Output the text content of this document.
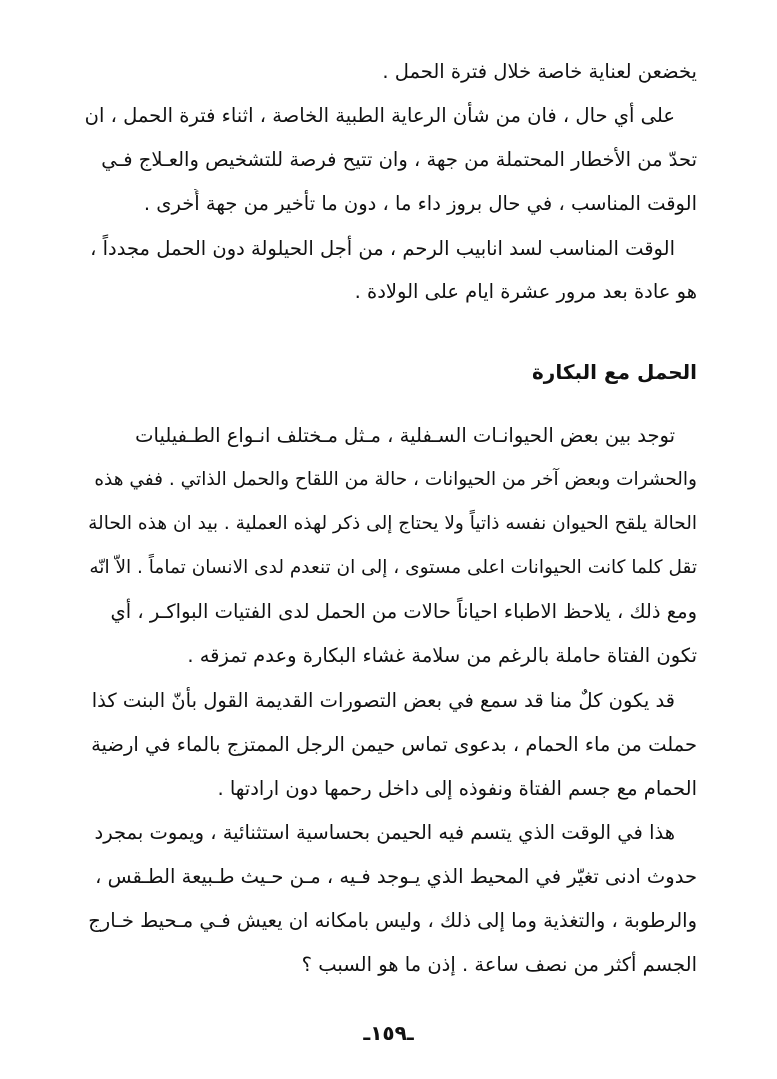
يخضعن لعناية خاصة خلال فترة الحمل .
على أي حال ، فان من شأن الرعاية الطبية الخاصة ، اثناء فترة الحمل ، ان
تحدّ من الأخطار المحتملة من جهة ، وان تتيح فرصة للتشخيص والعـلاج فـي
الوقت المناسب ، في حال بروز داء ما ، دون ما تأخير من جهة أُخرى .
الوقت المناسب لسد انابيب الرحم ، من أجل الحيلولة دون الحمل مجدداً ،
هو عادة بعد مرور عشرة ايام على الولادة .
الحمل مع البكارة
توجد بين بعض الحيوانـات السـفلية ، مـثل مـختلف انـواع الطـفيليات
والحشرات وبعض آخر من الحيوانات ، حالة من اللقاح والحمل الذاتي . ففي هذه
الحالة يلقح الحيوان نفسه ذاتياً ولا يحتاج إلى ذكر لهذه العملية . بيد ان هذه الحالة
تقل كلما كانت الحيوانات اعلى مستوى ، إلى ان تنعدم لدى الانسان تماماً . الاّ انّه
ومع ذلك ، يلاحظ الاطباء احياناً حالات من الحمل لدى الفتيات البواكـر ، أي
تكون الفتاة حاملة بالرغم من سلامة غشاء البكارة وعدم تمزقه .
قد يكون كلٌ منا قد سمع في بعض التصورات القديمة القول بأنّ البنت كذا
حملت من ماء الحمام ، بدعوى تماس حيمن الرجل الممتزج بالماء في ارضية
الحمام مع جسم الفتاة ونفوذه إلى داخل رحمها دون ارادتها .
هذا في الوقت الذي يتسم فيه الحيمن بحساسية استثنائية ، ويموت بمجرد
حدوث ادنى تغيّر في المحيط الذي يـوجد فـيه ، مـن حـيث طـبيعة الطـقس ،
والرطوبة ، والتغذية وما إلى ذلك ، وليس بامكانه ان يعيش فـي مـحيط خـارج
الجسم أكثر من نصف ساعة . إذن ما هو السبب ؟
ـ١٥٩ـ
